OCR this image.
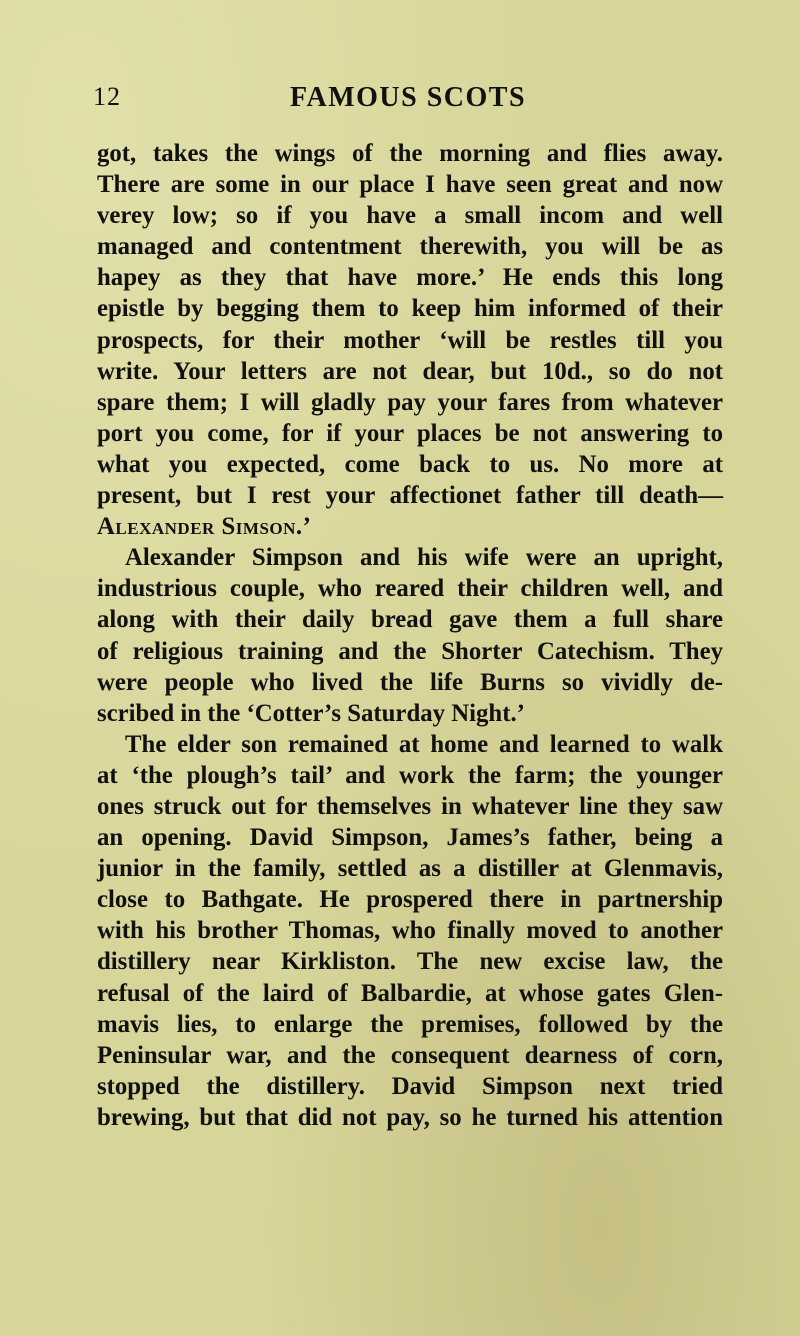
12	FAMOUS SCOTS
got, takes the wings of the morning and flies away.
There are some in our place I have seen great and now
verey low; so if you have a small incom and well
managed and contentment therewith, you will be as
hapey as they that have more.’ He ends this long
epistle by begging them to keep him informed of their
prospects, for their mother ‘will be restles till you
write. Your letters are not dear, but 10d., so do not
spare them; I will gladly pay your fares from whatever
port you come, for if your places be not answering to
what you expected, come back to us. No more at
present, but I rest your affectionet father till death—
Alexander Simson.’
Alexander Simpson and his wife were an upright,
industrious couple, who reared their children well, and
along with their daily bread gave them a full share
of religious training and the Shorter Catechism. They
were people who lived the life Burns so vividly de-
scribed in the ‘Cotter’s Saturday Night.’
The elder son remained at home and learned to walk
at ‘the plough’s tail’ and work the farm; the younger
ones struck out for themselves in whatever line they saw
an opening. David Simpson, James’s father, being a
junior in the family, settled as a distiller at Glenmavis,
close to Bathgate. He prospered there in partnership
with his brother Thomas, who finally moved to another
distillery near Kirkliston. The new excise law, the
refusal of the laird of Balbardie, at whose gates Glen-
mavis lies, to enlarge the premises, followed by the
Peninsular war, and the consequent dearness of corn,
stopped the distillery. David Simpson next tried
brewing, but that did not pay, so he turned his attention
